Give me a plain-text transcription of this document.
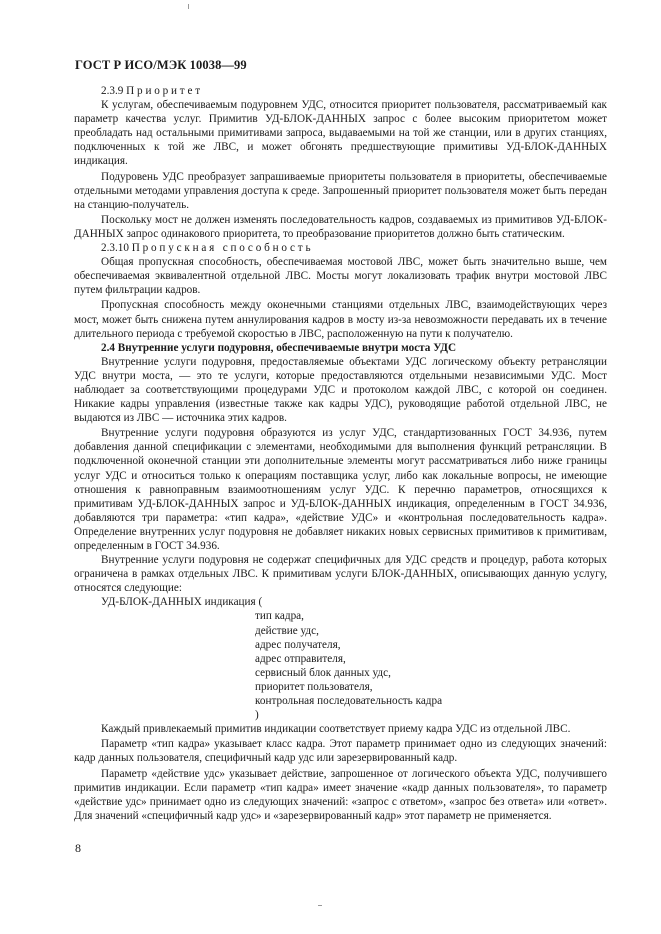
ГОСТ Р ИСО/МЭК 10038—99

2.3.9 Приоритет

К услугам, обеспечиваемым подуровнем УДС, относится приоритет пользователя, рассматриваемый как параметр качества услуг. Примитив УД-БЛОК-ДАННЫХ запрос с более высоким приоритетом может преобладать над остальными примитивами запроса, выдаваемыми на той же станции, или в других станциях, подключенных к той же ЛВС, и может обгонять предшествующие примитивы УД-БЛОК-ДАННЫХ индикация.

Подуровень УДС преобразует запрашиваемые приоритеты пользователя в приоритеты, обеспечиваемые отдельными методами управления доступа к среде. Запрошенный приоритет пользователя может быть передан на станцию-получатель.

Поскольку мост не должен изменять последовательность кадров, создаваемых из примитивов УД-БЛОК-ДАННЫХ запрос одинакового приоритета, то преобразование приоритетов должно быть статическим.

2.3.10 Пропускная способность

Общая пропускная способность, обеспечиваемая мостовой ЛВС, может быть значительно выше, чем обеспечиваемая эквивалентной отдельной ЛВС. Мосты могут локализовать трафик внутри мостовой ЛВС путем фильтрации кадров.

Пропускная способность между оконечными станциями отдельных ЛВС, взаимодействующих через мост, может быть снижена путем аннулирования кадров в мосту из-за невозможности передавать их в течение длительного периода с требуемой скоростью в ЛВС, расположенную на пути к получателю.

2.4 Внутренние услуги подуровня, обеспечиваемые внутри моста УДС

Внутренние услуги подуровня, предоставляемые объектами УДС логическому объекту ретрансляции УДС внутри моста, — это те услуги, которые предоставляются отдельными независимыми УДС. Мост наблюдает за соответствующими процедурами УДС и протоколом каждой ЛВС, с которой он соединен. Никакие кадры управления (известные также как кадры УДС), руководящие работой отдельной ЛВС, не выдаются из ЛВС — источника этих кадров.

Внутренние услуги подуровня образуются из услуг УДС, стандартизованных ГОСТ 34.936, путем добавления данной спецификации с элементами, необходимыми для выполнения функций ретрансляции. В подключенной оконечной станции эти дополнительные элементы могут рассматриваться либо ниже границы услуг УДС и относиться только к операциям поставщика услуг, либо как локальные вопросы, не имеющие отношения к равноправным взаимоотношениям услуг УДС. К перечню параметров, относящихся к примитивам УД-БЛОК-ДАННЫХ запрос и УД-БЛОК-ДАННЫХ индикация, определенным в ГОСТ 34.936, добавляются три параметра: «тип кадра», «действие УДС» и «контрольная последовательность кадра». Определение внутренних услуг подуровня не добавляет никаких новых сервисных примитивов к примитивам, определенным в ГОСТ 34.936.

Внутренние услуги подуровня не содержат специфичных для УДС средств и процедур, работа которых ограничена в рамках отдельных ЛВС. К примитивам услуги БЛОК-ДАННЫХ, описывающих данную услугу, относятся следующие:

УД-БЛОК-ДАННЫХ индикация (

тип кадра,

действие удс,

адрес получателя,

адрес отправителя,

сервисный блок данных удс,

приоритет пользователя,

контрольная последовательность кадра

)

Каждый привлекаемый примитив индикации соответствует приему кадра УДС из отдельной ЛВС.

Параметр «тип кадра» указывает класс кадра. Этот параметр принимает одно из следующих значений: кадр данных пользователя, специфичный кадр удс или зарезервированный кадр.

Параметр «действие удс» указывает действие, запрошенное от логического объекта УДС, получившего примитив индикации. Если параметр «тип кадра» имеет значение «кадр данных пользователя», то параметр «действие удс» принимает одно из следующих значений: «запрос с ответом», «запрос без ответа» или «ответ». Для значений «специфичный кадр удс» и «зарезервированный кадр» этот параметр не применяется.

8
